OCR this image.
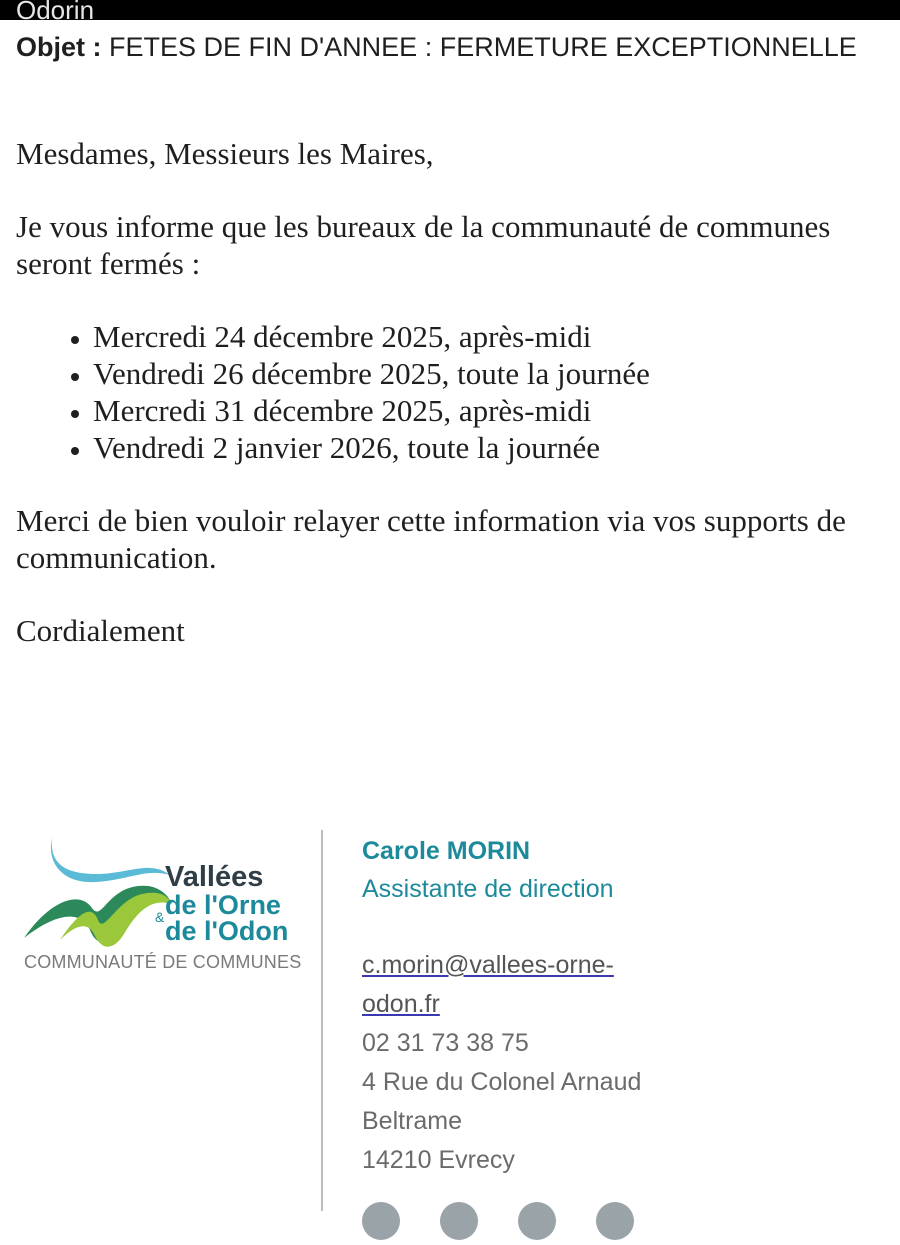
Odorin
Objet : FETES DE FIN D'ANNEE : FERMETURE EXCEPTIONNELLE

Mesdames, Messieurs les Maires,

Je vous informe que les bureaux de la communauté de communes seront fermés :

• Mercredi 24 décembre 2025, après-midi
• Vendredi 26 décembre 2025, toute la journée
• Mercredi 31 décembre 2025, après-midi
• Vendredi 2 janvier 2026, toute la journée

Merci de bien vouloir relayer cette information via vos supports de communication.

Cordialement

Vallées
de l'Orne
& de l'Odon
COMMUNAUTÉ DE COMMUNES
Carole MORIN
Assistante de direction
c.morin@vallees-orne-odon.fr
02 31 73 38 75
4 Rue du Colonel Arnaud Beltrame
14210 Evrecy
